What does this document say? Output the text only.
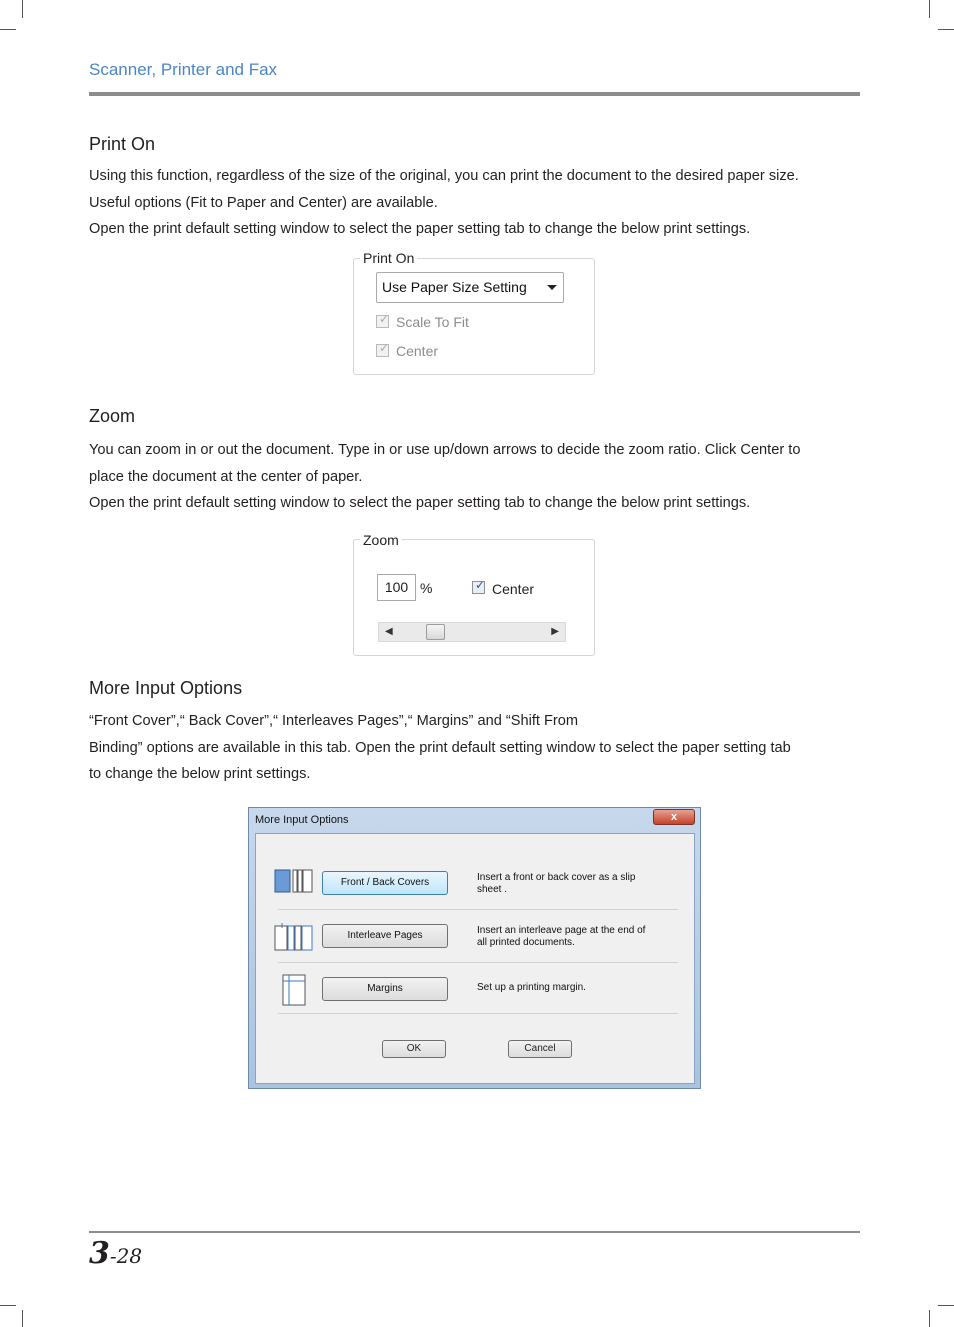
Scanner, Printer and Fax
Print On

Using this function, regardless of the size of the original, you can print the document to the desired paper size.

Useful options (Fit to Paper and Center) are available.

Open the print default setting window to select the paper setting tab to change the below print settings.

Print On
Use Paper Size Setting
✓ Scale To Fit
✓ Center
Zoom

You can zoom in or out the document. Type in or use up/down arrows to decide the zoom ratio. Click Center to

place the document at the center of paper.

Open the print default setting window to select the paper setting tab to change the below print settings.

Zoom
100 %	✓ Center
◀	▶
More Input Options

“Front Cover”,“ Back Cover”,“ Interleaves Pages”,“ Margins” and “Shift From

Binding” options are available in this tab. Open the print default setting window to select the paper setting tab

to change the below print settings.

More Input Options	x
Front / Back Covers	Insert a front or back cover as a slip
sheet .
Interleave Pages	Insert an interleave page at the end of
all printed documents.
Margins	Set up a printing margin.
OK	Cancel
3-28
